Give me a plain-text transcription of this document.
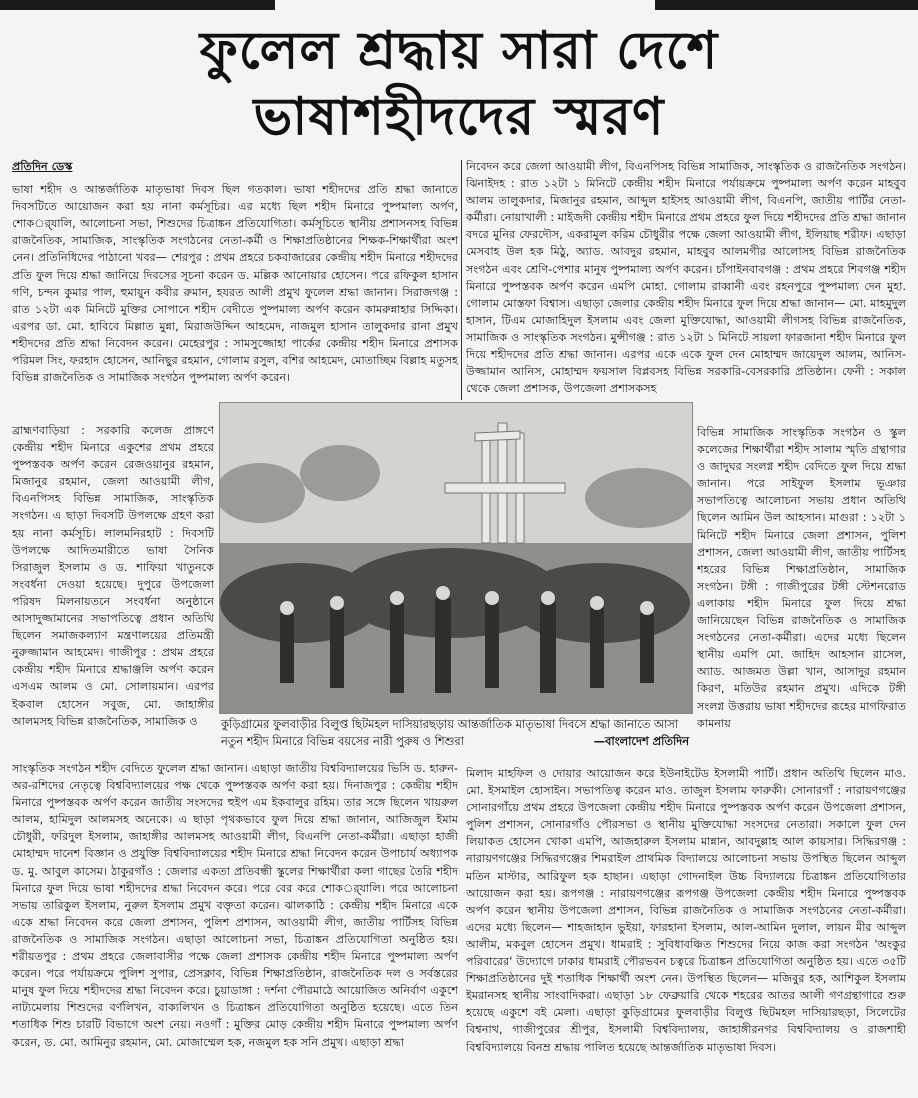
ফুলেল শ্রদ্ধায় সারা দেশে
ভাষাশহীদদের স্মরণ

প্রতিদিন ডেস্ক

ভাষা শহীদ ও আন্তর্জাতিক মাতৃভাষা দিবস ছিল গতকাল। ভাষা শহীদদের প্রতি শ্রদ্ধা জানাতে দিবসটিতে আয়োজন করা হয় নানা কর্মসূচির। এর মধ্যে ছিল শহীদ মিনারে পুষ্পমাল্য অর্পণ, শোকর্‍্যালি, আলোচনা সভা, শিশুদের চিত্রাঙ্কন প্রতিযোগিতা। কর্মসূচিতে স্থানীয় প্রশাসনসহ বিভিন্ন রাজনৈতিক, সামাজিক, সাংস্কৃতিক সংগঠনের নেতা-কর্মী ও শিক্ষাপ্রতিষ্ঠানের শিক্ষক-শিক্ষার্থীরা অংশ নেন। প্রতিনিধিদের পাঠানো খবর— শেরপুর : প্রথম প্রহরে চকবাজারের কেন্দ্রীয় শহীদ মিনারে শহীদদের প্রতি ফুল দিয়ে শ্রদ্ধা জানিয়ে দিবসের সূচনা করেন ড. মল্লিক আনোয়ার হোসেন। পরে রফিকুল হাসান গণি, চন্দন কুমার পাল, হুমায়ুন কবীর রুমান, হযরত আলী প্রমুখ ফুলেল শ্রদ্ধা জানান। সিরাজগঞ্জ : রাত ১২টা এক মিনিটে মুক্তির সোপানে শহীদ বেদীতে পুষ্পমাল্য অর্পণ করেন কামরুন্নাহার সিদ্দিকা। এরপর ডা. মো. হাবিবে মিল্লাত মুন্না, মিরাজউদ্দিন আহমেদ, নাজমুল হাসান তালুকদার রানা প্রমুখ শহীদদের প্রতি শ্রদ্ধা নিবেদন করেন। মেহেরপুর : সামসুজ্জোহা পার্কের কেন্দ্রীয় শহীদ মিনারে প্রশাসক পরিমল সিং, ফরহাদ হোসেন, আনিছুর রহমান, গোলাম রসুল, বশির আহমেদ, মোতাচ্ছিম বিল্লাহ মতুসহ বিভিন্ন রাজনৈতিক ও সামাজিক সংগঠন পুষ্পমাল্য অর্পণ করেন।

ব্রাহ্মণবাড়িয়া : সরকারি কলেজ প্রাঙ্গণে কেন্দ্রীয় শহীদ মিনারে একুশের প্রথম প্রহরে পুষ্পস্তবক অর্পণ করেন রেজওয়ানুর রহমান, মিজানুর রহমান, জেলা আওয়ামী লীগ, বিএনপিসহ বিভিন্ন সামাজিক, সাংস্কৃতিক সংগঠন। এ ছাড়া দিবসটি উপলক্ষে গ্রহণ করা হয় নানা কর্মসূচি। লালমনিরহাট : দিবসটি উপলক্ষে আদিতমারীতে ভাষা সৈনিক সিরাজুল ইসলাম ও ড. শাফিয়া খাতুনকে সংবর্ধনা দেওয়া হয়েছে। দুপুরে উপজেলা পরিষদ মিলনায়তনে সংবর্ধনা অনুষ্ঠানে আসাদুজ্জামানের সভাপতিত্বে প্রধান অতিথি ছিলেন সমাজকল্যাণ মন্ত্রণালয়ের প্রতিমন্ত্রী নুরুজ্জামান আহমেদ। গাজীপুর : প্রথম প্রহরে কেন্দ্রীয় শহীদ মিনারে শ্রদ্ধাঞ্জলি অর্পণ করেন এসএম আলম ও মো. সোলায়মান। এরপর ইকবাল হোসেন সবুজ, মো. জাহাঙ্গীর আলমসহ বিভিন্ন রাজনৈতিক, সামাজিক ও

সাংস্কৃতিক সংগঠন শহীদ বেদিতে ফুলেল শ্রদ্ধা জানান। এছাড়া জাতীয় বিশ্ববিদ্যালয়ের ভিসি ড. হারুন-অর-রশিদের নেতৃত্বে বিশ্ববিদ্যালয়ের পক্ষ থেকে পুষ্পস্তবক অর্পণ করা হয়। দিনাজপুর : কেন্দ্রীয় শহীদ মিনারে পুষ্পস্তবক অর্পণ করেন জাতীয় সংসদের হুইপ এম ইকবালুর রহিম। তার সঙ্গে ছিলেন খায়রুল আলম, হামিদুল আলমসহ অনেকে। এ ছাড়া পৃথকভাবে ফুল দিয়ে শ্রদ্ধা জানান, আজিজুল ইমাম চৌধুরী, ফরিদুল ইসলাম, জাহাঙ্গীর আলমসহ আওয়ামী লীগ, বিএনপি নেতা-কর্মীরা। এছাড়া হাজী মোহাম্মদ দানেশ বিজ্ঞান ও প্রযুক্তি বিশ্ববিদ্যালয়ের শহীদ মিনারে শ্রদ্ধা নিবেদন করেন উপাচার্য অধ্যাপক ড. মু. আবুল কাসেম। ঠাকুরগাঁও : জেলার একতা প্রতিবন্ধী স্কুলের শিক্ষার্থীরা কলা গাছের তৈরি শহীদ মিনারে ফুল দিয়ে ভাষা শহীদদের শ্রদ্ধা নিবেদন করে। পরে বের করে শোকর্‍্যালি। পরে আলোচনা সভায় তারিকুল ইসলাম, নুরুল ইসলাম প্রমুখ বক্তৃতা করেন। ঝালকাঠি : কেন্দ্রীয় শহীদ মিনারে একে একে শ্রদ্ধা নিবেদন করে জেলা প্রশাসন, পুলিশ প্রশাসন, আওয়ামী লীগ, জাতীয় পার্টিসহ বিভিন্ন রাজনৈতিক ও সামাজিক সংগঠন। এছাড়া আলোচনা সভা, চিত্রাঙ্কন প্রতিযোগিতা অনুষ্ঠিত হয়। শরীয়তপুর : প্রথম প্রহরে জেলাবাসীর পক্ষে জেলা প্রশাসক কেন্দ্রীয় শহীদ মিনারে পুষ্পমাল্য অর্পণ করেন। পরে পর্যায়ক্রমে পুলিশ সুপার, প্রেসক্লাব, বিভিন্ন শিক্ষাপ্রতিষ্ঠান, রাজনৈতিক দল ও সর্বস্তরের মানুষ ফুল দিয়ে শহীদদের শ্রদ্ধা নিবেদন করে। চুয়াডাঙ্গা : দর্শনা পৌরমাঠে আয়োজিত অনির্বাণ একুশে নাট্যমেলায় শিশুদের বর্ণলিখন, বাক্যলিখন ও চিত্রাঙ্কন প্রতিযোগিতা অনুষ্ঠিত হয়েছে। এতে তিন শতাধিক শিশু চারটি বিভাগে অংশ নেয়। নওগাঁ : মুক্তির মোড় কেন্দ্রীয় শহীদ মিনারে পুষ্পমাল্য অর্পণ করেন, ড. মো. আমিনুর রহমান, মো. মোজাম্মেল হক, নজমুল হক সনি প্রমুখ। এছাড়া শ্রদ্ধা

নিবেদন করে জেলা আওয়ামী লীগ, বিএনপিসহ বিভিন্ন সামাজিক, সাংস্কৃতিক ও রাজনৈতিক সংগঠন। ঝিনাইদহ : রাত ১২টা ১ মিনিটে কেন্দ্রীয় শহীদ মিনারে পর্যায়ক্রমে পুষ্পমাল্য অর্পণ করেন মাহবুব আলম তালুকদার, মিজানুর রহমান, আব্দুল হাইসহ আওয়ামী লীগ, বিএনপি, জাতীয় পার্টির নেতা-কর্মীরা। নোয়াখালী : মাইজদী কেন্দ্রীয় শহীদ মিনারে প্রথম প্রহরে ফুল দিয়ে শহীদদের প্রতি শ্রদ্ধা জানান বদরে মুনির ফেরদৌস, একরামুল করিম চৌধুরীর পক্ষে জেলা আওয়ামী লীগ, ইলিয়াছ শরীফ। এছাড়া মেসবাহ উল হক মিঠু, অ্যাড. আবদুর রহমান, মাহবুব আলমগীর আলোসহ বিভিন্ন রাজনৈতিক সংগঠন এবং শ্রেণি-পেশার মানুষ পুষ্পমাল্য অর্পণ করেন। চাঁপাইনবাবগঞ্জ : প্রথম প্রহরে শিবগঞ্জ শহীদ মিনারে পুষ্পস্তবক অর্পণ করেন এমপি মোহা. গোলাম রাব্বানী এবং রহনপুরে পুষ্পমাল্য দেন মুহা. গোলাম মোস্তফা বিশ্বাস। এছাড়া জেলার কেন্দ্রীয় শহীদ মিনারে ফুল দিয়ে শ্রদ্ধা জানান— মো. মাহমুদুল হাসান, টিএম মোজাহিদুল ইসলাম এবং জেলা মুক্তিযোদ্ধা, আওয়ামী লীগসহ বিভিন্ন রাজনৈতিক, সামাজিক ও সাংস্কৃতিক সংগঠন। মুন্সীগঞ্জ : রাত ১২টা ১ মিনিটে সায়লা ফারজানা শহীদ মিনারে ফুল দিয়ে শহীদদের প্রতি শ্রদ্ধা জানান। এরপর একে একে ফুল দেন মোহাম্মদ জায়েদুল আলম, আনিস-উজ্জামান আনিস, মোহাম্মদ ফয়সাল বিপ্লবসহ বিভিন্ন সরকারি-বেসরকারি প্রতিষ্ঠান। ফেনী : সকাল থেকে জেলা প্রশাসক, উপজেলা প্রশাসকসহ

বিভিন্ন সামাজিক সাংস্কৃতিক সংগঠন ও স্কুল কলেজের শিক্ষার্থীরা শহীদ সালাম স্মৃতি গ্রন্থাগার ও জাদুঘর সংলগ্ন শহীদ বেদিতে ফুল দিয়ে শ্রদ্ধা জানান। পরে সাইফুল ইসলাম ভূঞার সভাপতিত্বে আলোচনা সভায় প্রধান অতিথি ছিলেন আমিন উল আহসান। মাগুরা : ১২টা ১ মিনিটে শহীদ মিনারে জেলা প্রশাসন, পুলিশ প্রশাসন, জেলা আওয়ামী লীগ, জাতীয় পার্টিসহ শহরের বিভিন্ন শিক্ষাপ্রতিষ্ঠান, সামাজিক সংগঠন। টঙ্গী : গাজীপুরের টঙ্গী স্টেশনরোড এলাকায় শহীদ মিনারে ফুল দিয়ে শ্রদ্ধা জানিয়েছেন বিভিন্ন রাজনৈতিক ও সামাজিক সংগঠনের নেতা-কর্মীরা। এদের মধ্যে ছিলেন স্থানীয় এমপি মো. জাহিদ আহসান রাসেল, অ্যাড. আজমত উল্লা খান, আসাদুর রহমান কিরণ, মতিউর রহমান প্রমুখ। এদিকে টঙ্গী সংলগ্ন উত্তরায় ভাষা শহীদদের রূহের মাগফিরাত কামনায়

মিলাদ মাহফিল ও দোয়ার আয়োজন করে ইউনাইটেড ইসলামী পার্টি। প্রধান অতিথি ছিলেন মাও. মো. ইসমাইল হোসাইন। সভাপতিত্ব করেন মাও. তাজুল ইসলাম ফারুকী। সোনারগাঁ : নারায়ণগঞ্জের সোনারগাঁয়ে প্রথম প্রহরে উপজেলা কেন্দ্রীয় শহীদ মিনারে পুষ্পস্তবক অর্পণ করেন উপজেলা প্রশাসন, পুলিশ প্রশাসন, সোনারগাঁও পৌরসভা ও স্থানীয় মুক্তিযোদ্ধা সংসদের নেতারা। সকালে ফুল দেন লিয়াকত হোসেন খোকা এমপি, আজহারুল ইসলাম মান্নান, আবদুল্লাহ আল কায়সার। সিদ্ধিরগঞ্জ : নারায়ণগঞ্জের সিদ্ধিরগঞ্জের শিমরাইল প্রাথমিক বিদ্যালয়ে আলোচনা সভায় উপস্থিত ছিলেন আব্দুল মতিন মাস্টার, আরিফুল হক হাছান। এছাড়া গোদনাইল উচ্চ বিদ্যালয়ে চিত্রাঙ্কন প্রতিযোগিতার আয়োজন করা হয়। রূপগঞ্জ : নারায়ণগঞ্জের রূপগঞ্জ উপজেলা কেন্দ্রীয় শহীদ মিনারে পুষ্পস্তবক অর্পণ করেন স্থানীয় উপজেলা প্রশাসন, বিভিন্ন রাজনৈতিক ও সামাজিক সংগঠনের নেতা-কর্মীরা। এদের মধ্যে ছিলেন— শাহজাহান ভুইয়া, ফারহানা ইসলাম, আল-আমিন দুলাল, লায়ন মীর আব্দুল আলীম, মকবুল হোসেন প্রমুখ। ধামরাই : সুবিধাবঞ্চিত শিশুদের নিয়ে কাজ করা সংগঠন 'অংকুর পরিবারের' উদ্যোগে ঢাকার ধামরাই পৌরভবন চত্বরে চিত্রাঙ্কন প্রতিযোগিতা অনুষ্ঠিত হয়। এতে ৩৫টি শিক্ষাপ্রতিষ্ঠানের দুই শতাধিক শিক্ষার্থী অংশ নেন। উপস্থিত ছিলেন— মজিবুর হক, আশিকুল ইসলাম ইমরানসহ স্থানীয় সাংবাদিকরা। এছাড়া ১৮ ফেব্রুয়ারি থেকে শহরের আতর আলী গণগ্রন্থাগারে শুরু হয়েছে একুশে বই মেলা। এছাড়া কুড়িগ্রামের ফুলবাড়ীর বিলুপ্ত ছিটমহল দাসিয়ারছড়া, সিলেটের বিশ্বনাথ, গাজীপুরের শ্রীপুর, ইসলামী বিশ্ববিদ্যালয়, জাহাঙ্গীরনগর বিশ্ববিদ্যালয় ও রাজশাহী বিশ্ববিদ্যালয়ে বিনম্র শ্রদ্ধায় পালিত হয়েছে আন্তর্জাতিক মাতৃভাষা দিবস।

কুড়িগ্রামের ফুলবাড়ীর বিলুপ্ত ছিটমহল দাসিয়ারছড়ায় আন্তর্জাতিক মাতৃভাষা দিবসে শ্রদ্ধা জানাতে আসা নতুন শহীদ মিনারে বিভিন্ন বয়সের নারী পুরুষ ও শিশুরা	—বাংলাদেশ প্রতিদিন
